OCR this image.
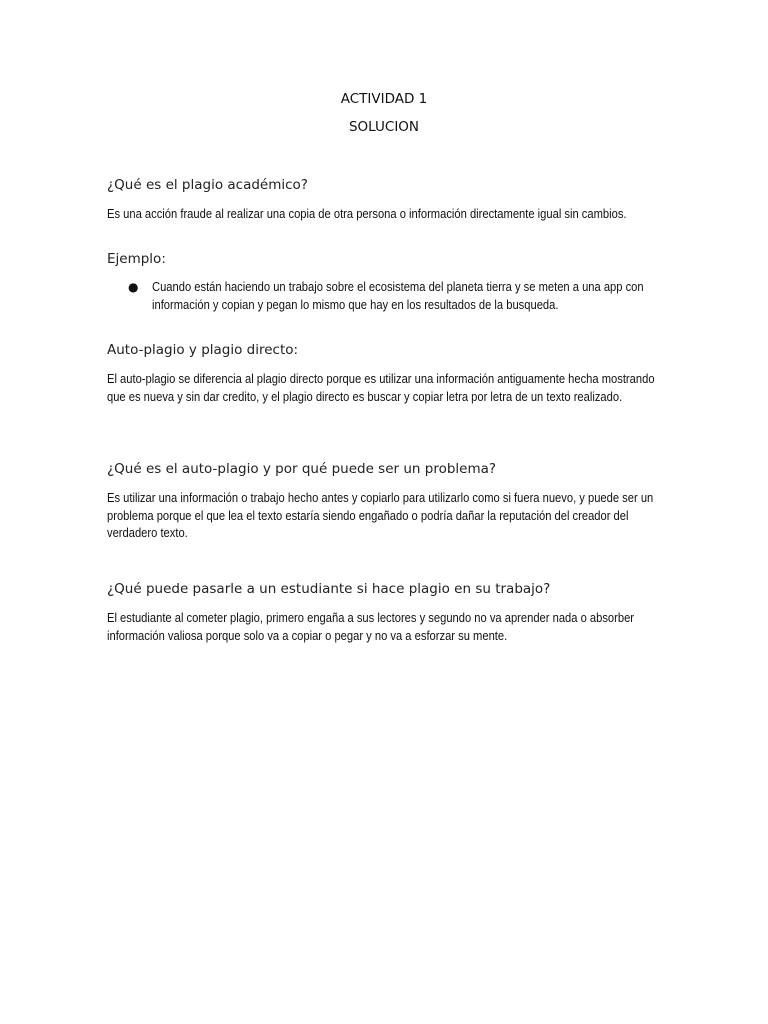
ACTIVIDAD 1
SOLUCION
¿Qué es el plagio académico?
Es una acción fraude al realizar una copia de otra persona o información directamente igual sin cambios.
Ejemplo:
● Cuando están haciendo un trabajo sobre el ecosistema del planeta tierra y se meten a una app con información y copian y pegan lo mismo que hay en los resultados de la busqueda.
Auto-plagio y plagio directo:
El auto-plagio se diferencia al plagio directo porque es utilizar una información antiguamente hecha mostrando que es nueva y sin dar credito, y el plagio directo es buscar y copiar letra por letra de un texto realizado.
¿Qué es el auto-plagio y por qué puede ser un problema?
Es utilizar una información o trabajo hecho antes y copiarlo para utilizarlo como si fuera nuevo, y puede ser un problema porque el que lea el texto estaría siendo engañado o podría dañar la reputación del creador del verdadero texto.
¿Qué puede pasarle a un estudiante si hace plagio en su trabajo?
El estudiante al cometer plagio, primero engaña a sus lectores y segundo no va aprender nada o absorber información valiosa porque solo va a copiar o pegar y no va a esforzar su mente.
